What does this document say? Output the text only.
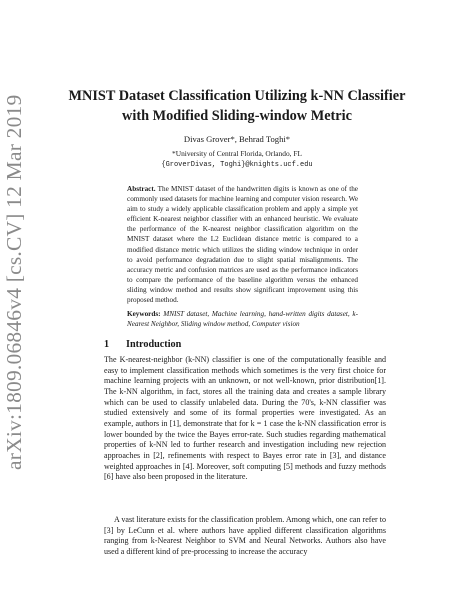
arXiv:1809.06846v4 [cs.CV] 12 Mar 2019	MNIST Dataset Classification Utilizing k-NN Classifier with Modified Sliding-window Metric
Divas Grover*, Behrad Toghi*
*University of Central Florida, Orlando, FL
{GroverDivas, Toghi}@knights.ucf.edu
Abstract. The MNIST dataset of the handwritten digits is known as one of the commonly used datasets for machine learning and computer vision research. We aim to study a widely applicable classification problem and apply a simple yet efficient K-nearest neighbor classifier with an enhanced heuristic. We evaluate the performance of the K-nearest neighbor classification algorithm on the MNIST dataset where the L2 Euclidean distance metric is compared to a modified distance metric which utilizes the sliding window technique in order to avoid performance degradation due to slight spatial misalignments. The accuracy metric and confusion matrices are used as the performance indicators to compare the performance of the baseline algorithm versus the enhanced sliding window method and results show significant improvement using this proposed method.
Keywords: MNIST dataset, Machine learning, hand-written digits dataset, k-Nearest Neighbor, Sliding window method, Computer vision
1 Introduction
The K-nearest-neighbor (k-NN) classifier is one of the computationally feasible and easy to implement classification methods which sometimes is the very first choice for machine learning projects with an unknown, or not well-known, prior distribution[1]. The k-NN algorithm, in fact, stores all the training data and creates a sample library which can be used to classify unlabeled data. During the 70's, k-NN classifier was studied extensively and some of its formal properties were investigated. As an example, authors in [1], demonstrate that for k = 1 case the k-NN classification error is lower bounded by the twice the Bayes error-rate. Such studies regarding mathematical properties of k-NN led to further research and investigation including new rejection approaches in [2], refinements with respect to Bayes error rate in [3], and distance weighted approaches in [4]. Moreover, soft computing [5] methods and fuzzy methods [6] have also been proposed in the literature.
A vast literature exists for the classification problem. Among which, one can refer to [3] by LeCunn et al. where authors have applied different classification algorithms ranging from k-Nearest Neighbor to SVM and Neural Networks. Authors also have used a different kind of pre-processing to increase the accuracy
